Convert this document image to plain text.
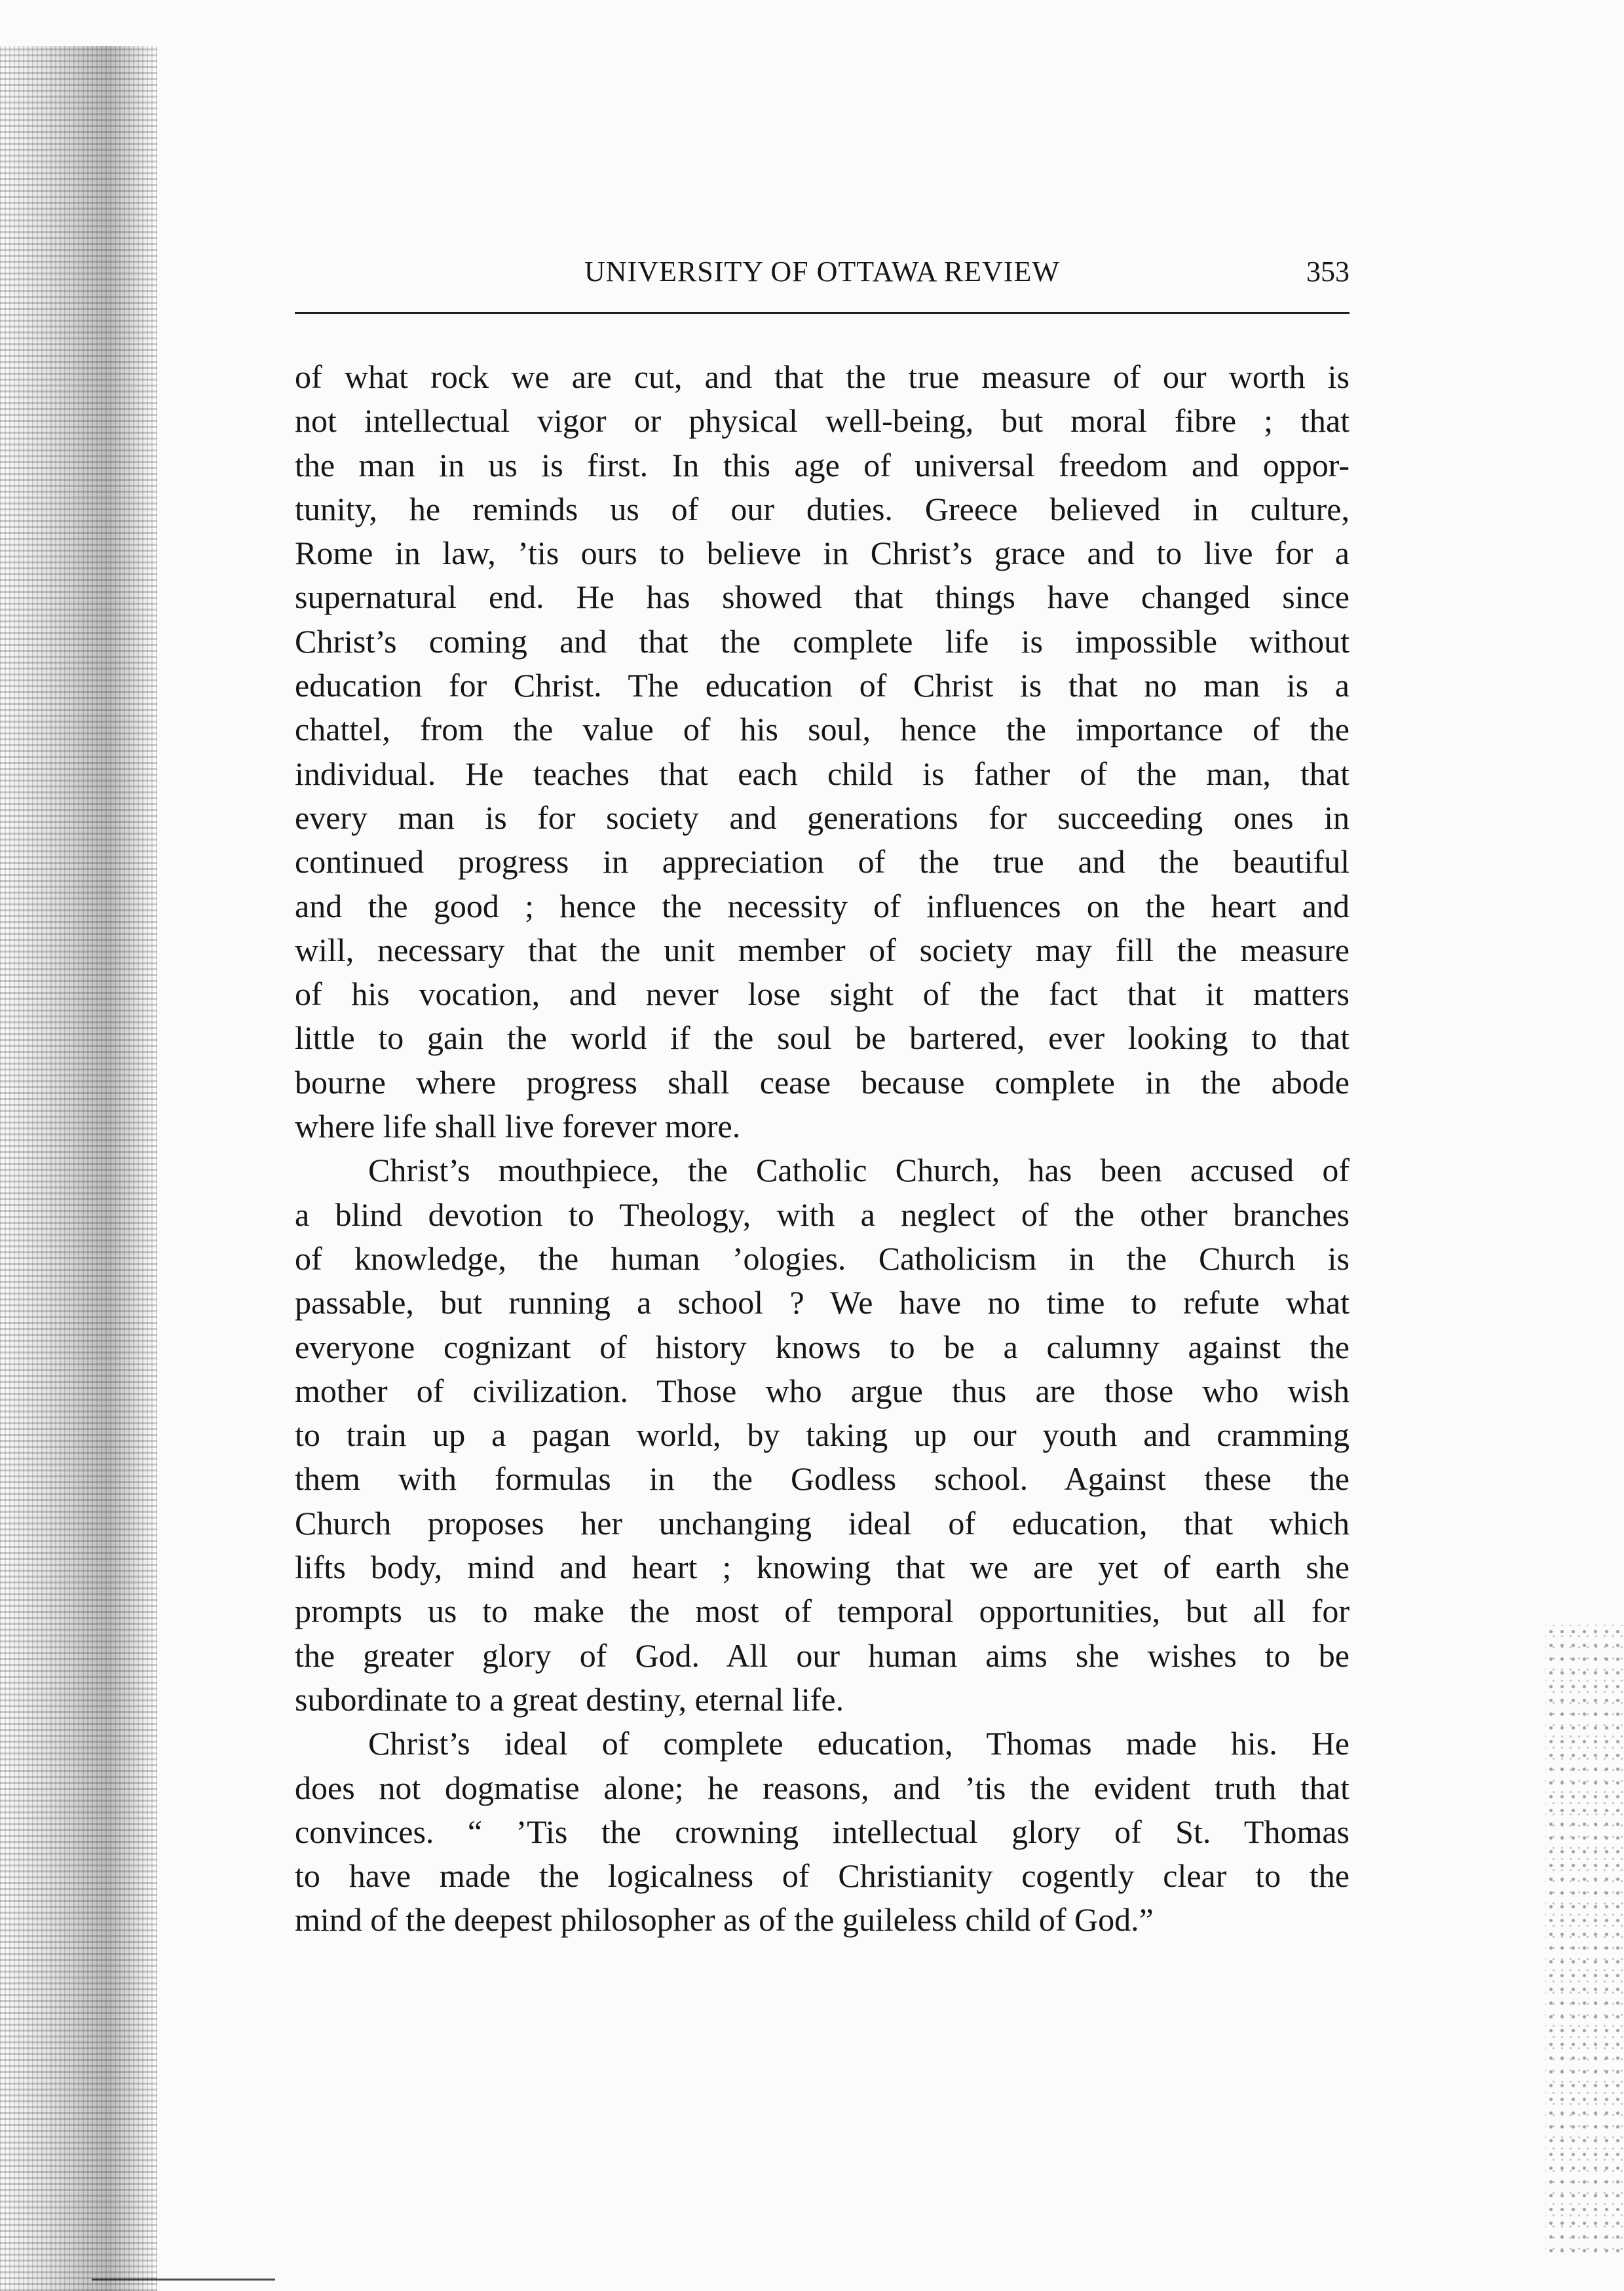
UNIVERSITY OF OTTAWA REVIEW	353
of what rock we are cut, and that the true measure of our worth is
not intellectual vigor or physical well-being, but moral fibre ; that
the man in us is first. In this age of universal freedom and oppor-
tunity, he reminds us of our duties. Greece believed in culture,
Rome in law, ’tis ours to believe in Christ’s grace and to live for a
supernatural end. He has showed that things have changed since
Christ’s coming and that the complete life is impossible without
education for Christ. The education of Christ is that no man is a
chattel, from the value of his soul, hence the importance of the
individual. He teaches that each child is father of the man, that
every man is for society and generations for succeeding ones in
continued progress in appreciation of the true and the beautiful
and the good ; hence the necessity of influences on the heart and
will, necessary that the unit member of society may fill the measure
of his vocation, and never lose sight of the fact that it matters
little to gain the world if the soul be bartered, ever looking to that
bourne where progress shall cease because complete in the abode
where life shall live forever more.
Christ’s mouthpiece, the Catholic Church, has been accused of
a blind devotion to Theology, with a neglect of the other branches
of knowledge, the human ’ologies. Catholicism in the Church is
passable, but running a school ? We have no time to refute what
everyone cognizant of history knows to be a calumny against the
mother of civilization. Those who argue thus are those who wish
to train up a pagan world, by taking up our youth and cramming
them with formulas in the Godless school. Against these the
Church proposes her unchanging ideal of education, that which
lifts body, mind and heart ; knowing that we are yet of earth she
prompts us to make the most of temporal opportunities, but all for
the greater glory of God. All our human aims she wishes to be
subordinate to a great destiny, eternal life.
Christ’s ideal of complete education, Thomas made his. He
does not dogmatise alone; he reasons, and ’tis the evident truth that
convinces. “ ’Tis the crowning intellectual glory of St. Thomas
to have made the logicalness of Christianity cogently clear to the
mind of the deepest philosopher as of the guileless child of God.”
